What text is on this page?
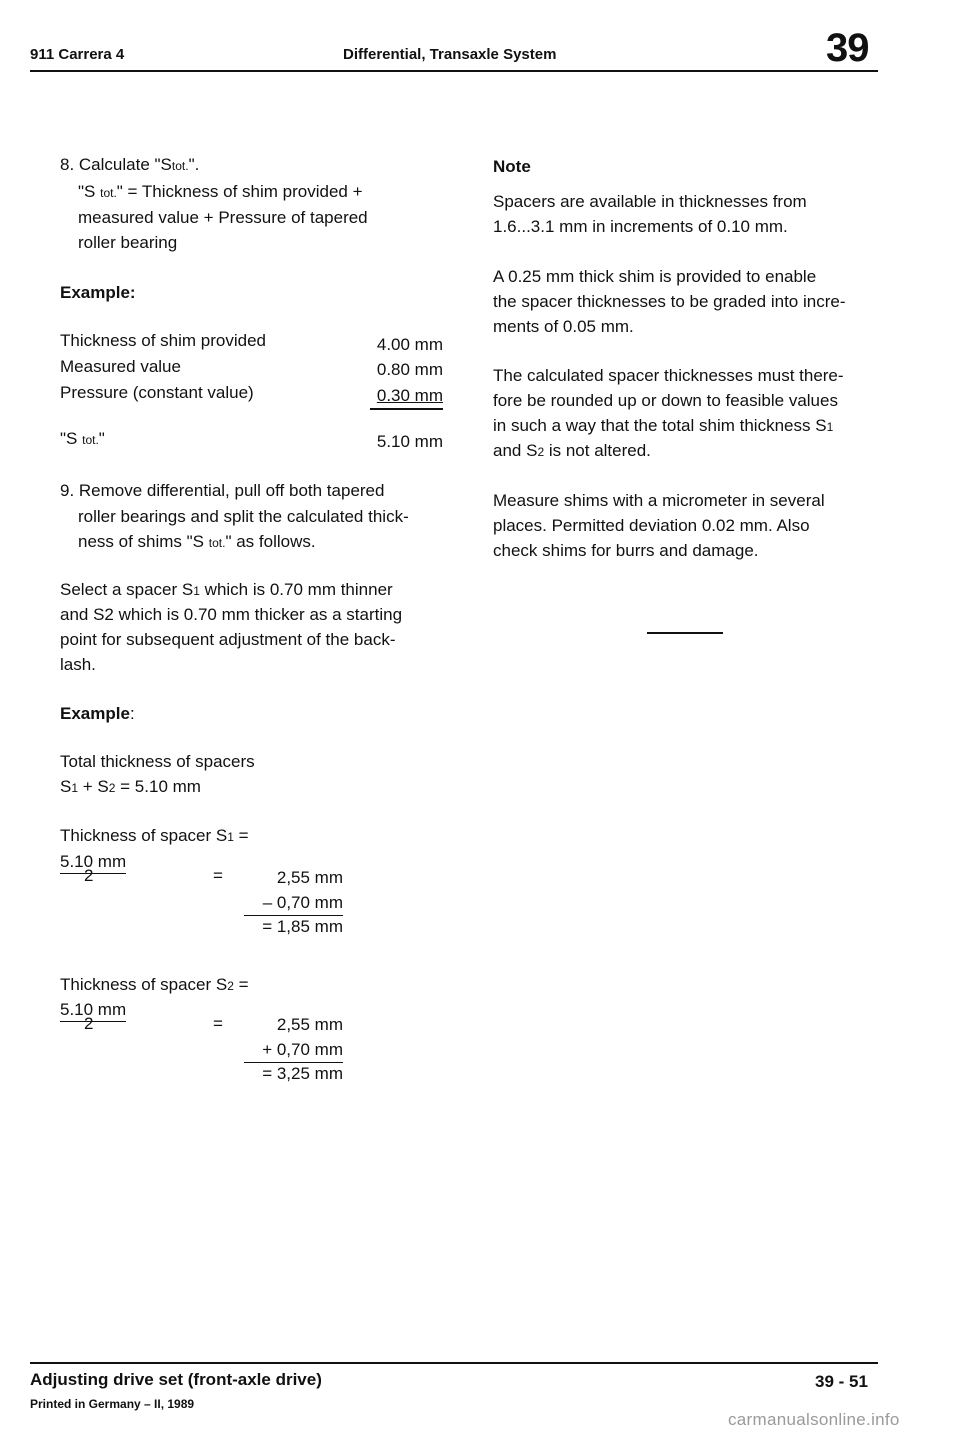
911 Carrera 4	Differential, Transaxle System	39
8. Calculate "Stot.".
"S tot." = Thickness of shim provided +
measured value + Pressure of tapered
roller bearing
Example:
Thickness of shim provided	4.00 mm
Measured value	0.80 mm
Pressure (constant value)	0.30 mm
"S tot."	5.10 mm
9. Remove differential, pull off both tapered
roller bearings and split the calculated thick-
ness of shims "S tot." as follows.
Select a spacer S1 which is 0.70 mm thinner
and S2 which is 0.70 mm thicker as a starting
point for subsequent adjustment of the back-
lash.
Example:
Total thickness of spacers
S1 + S2 = 5.10 mm
Thickness of spacer S1 =
5.10 mm
2	=	2,55 mm
– 0,70 mm
= 1,85 mm
Thickness of spacer S2 =
5.10 mm
2	=	2,55 mm
+ 0,70 mm
= 3,25 mm
Note
Spacers are available in thicknesses from
1.6...3.1 mm in increments of 0.10 mm.
A 0.25 mm thick shim is provided to enable
the spacer thicknesses to be graded into incre-
ments of 0.05 mm.
The calculated spacer thicknesses must there-
fore be rounded up or down to feasible values
in such a way that the total shim thickness S1
and S2 is not altered.
Measure shims with a micrometer in several
places. Permitted deviation 0.02 mm. Also
check shims for burrs and damage.
Adjusting drive set (front-axle drive)	39 - 51
Printed in Germany – II, 1989
carmanualsonline.info
